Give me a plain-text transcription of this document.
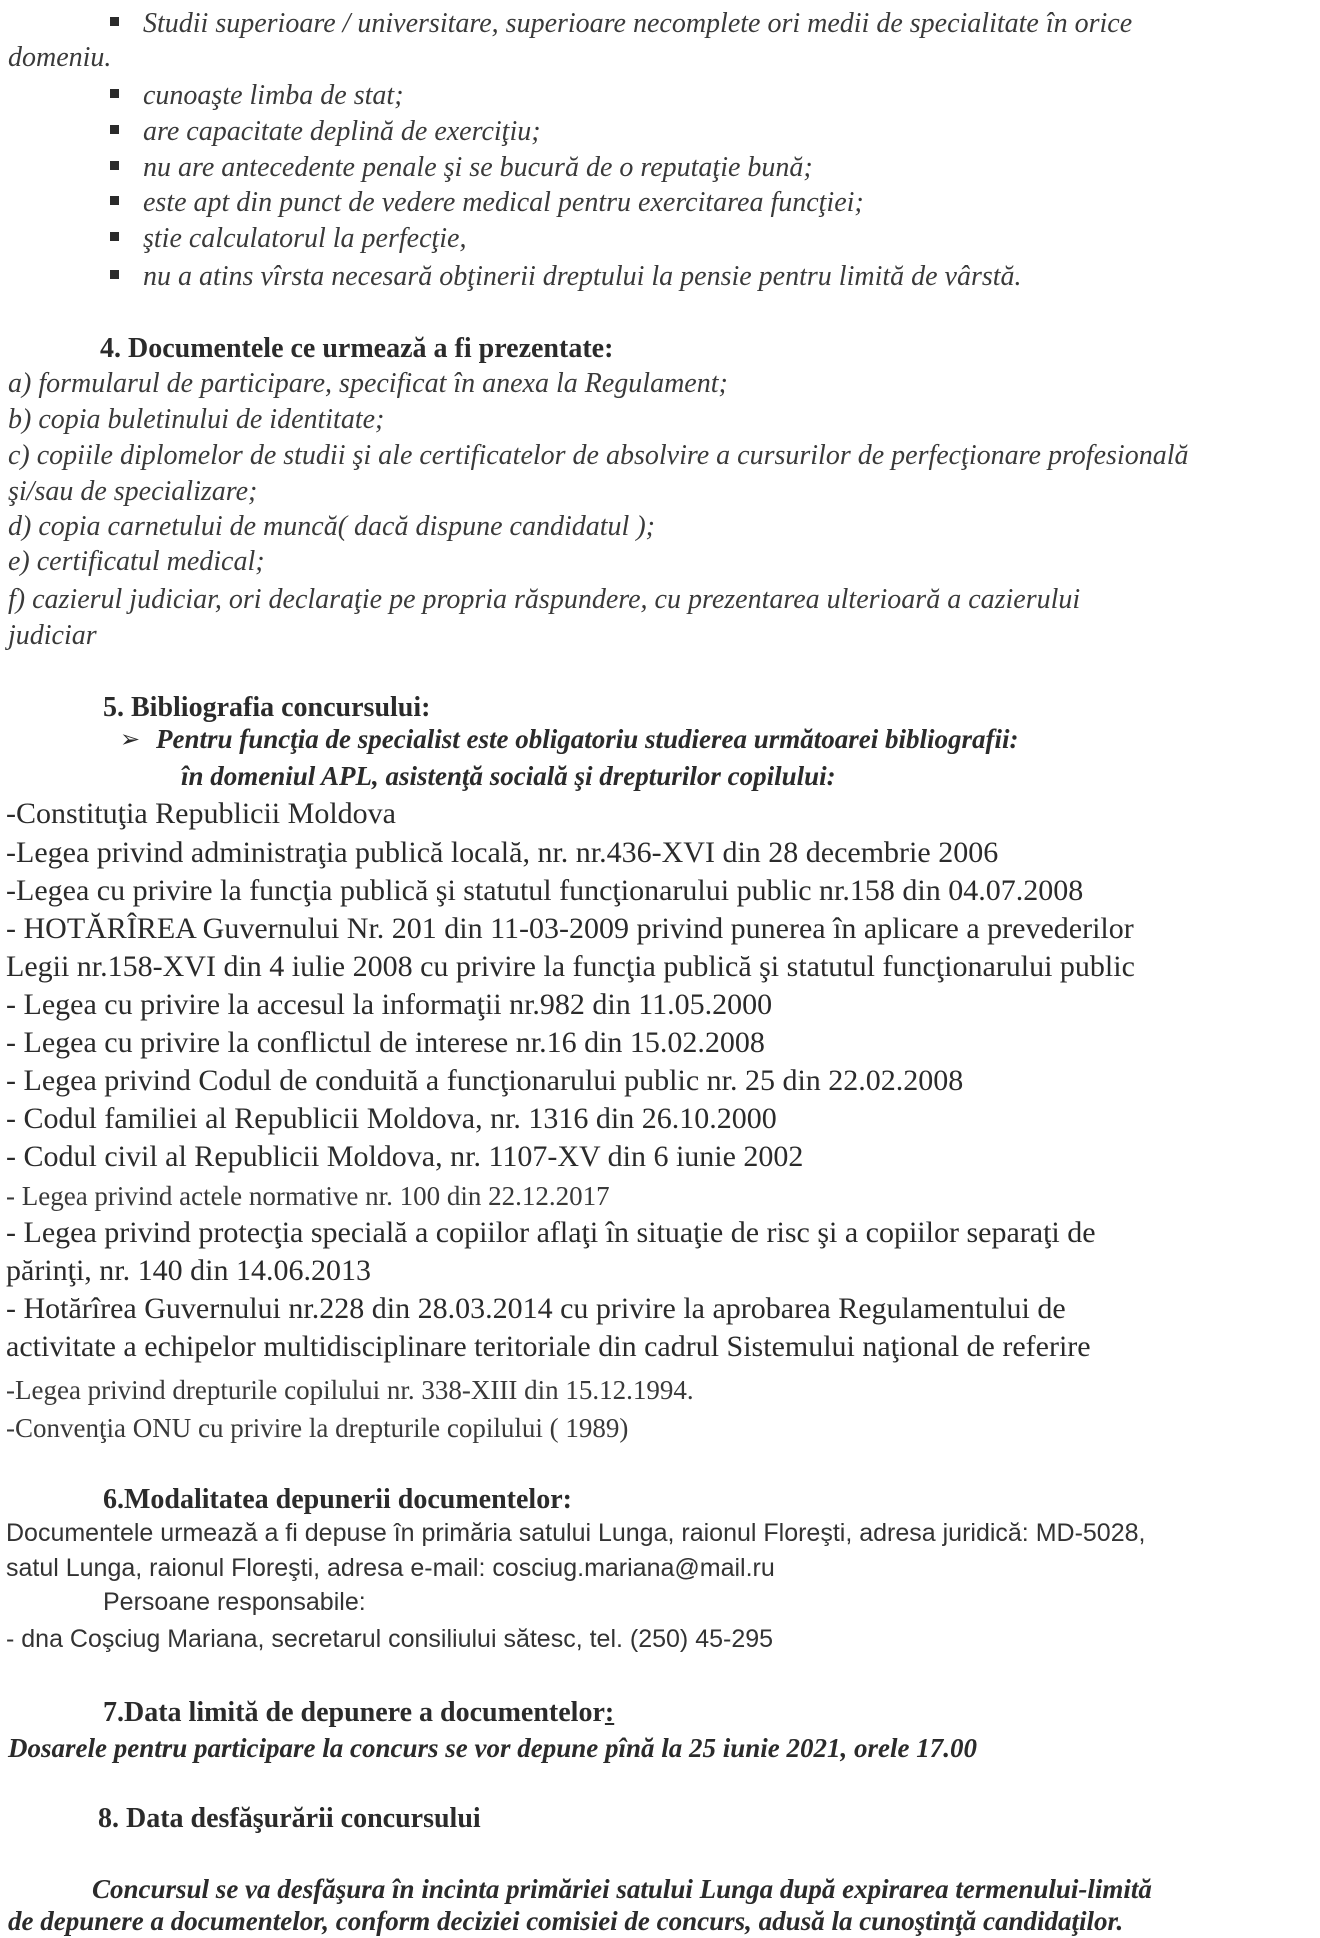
Studii superioare / universitare, superioare necomplete ori medii de specialitate în orice
domeniu.
cunoaşte limba de stat;
are capacitate deplină de exerciţiu;
nu are antecedente penale şi se bucură de o reputaţie bună;
este apt din punct de vedere medical pentru exercitarea funcţiei;
ştie calculatorul la perfecţie,
nu a atins vîrsta necesară obţinerii dreptului la pensie pentru limită de vârstă.
4. Documentele ce urmează a fi prezentate:
a) formularul de participare, specificat în anexa la Regulament;
b) copia buletinului de identitate;
c) copiile diplomelor de studii şi ale certificatelor de absolvire a cursurilor de perfecţionare profesională
şi/sau de specializare;
d) copia carnetului de muncă( dacă dispune candidatul );
e) certificatul medical;
f) cazierul judiciar, ori declaraţie pe propria răspundere, cu prezentarea ulterioară a cazierului
judiciar
5. Bibliografia concursului:
➢ Pentru funcţia de specialist este obligatoriu studierea următoarei bibliografii:
în domeniul APL, asistenţă socială şi drepturilor copilului:
-Constituţia Republicii Moldova
-Legea privind administraţia publică locală, nr. nr.436-XVI din 28 decembrie 2006
-Legea cu privire la funcţia publică şi statutul funcţionarului public nr.158 din 04.07.2008
- HOTĂRÎREA Guvernului Nr. 201 din 11-03-2009 privind punerea în aplicare a prevederilor
Legii nr.158-XVI din 4 iulie 2008 cu privire la funcţia publică şi statutul funcţionarului public
- Legea cu privire la accesul la informaţii nr.982 din 11.05.2000
- Legea cu privire la conflictul de interese nr.16 din 15.02.2008
- Legea privind Codul de conduită a funcţionarului public nr. 25 din 22.02.2008
- Codul familiei al Republicii Moldova, nr. 1316 din 26.10.2000
- Codul civil al Republicii Moldova, nr. 1107-XV din 6 iunie 2002
- Legea privind actele normative nr. 100 din 22.12.2017
- Legea privind protecţia specială a copiilor aflaţi în situaţie de risc şi a copiilor separaţi de
părinţi, nr. 140 din 14.06.2013
- Hotărîrea Guvernului nr.228 din 28.03.2014 cu privire la aprobarea Regulamentului de
activitate a echipelor multidisciplinare teritoriale din cadrul Sistemului naţional de referire
-Legea privind drepturile copilului nr. 338-XIII din 15.12.1994.
-Convenţia ONU cu privire la drepturile copilului ( 1989)
6.Modalitatea depunerii documentelor:
Documentele urmează a fi depuse în primăria satului Lunga, raionul Floreşti, adresa juridică: MD-5028,
satul Lunga, raionul Floreşti, adresa e-mail: cosciug.mariana@mail.ru
Persoane responsabile:
- dna Coşciug Mariana, secretarul consiliului sătesc, tel. (250) 45-295
7.Data limită de depunere a documentelor:
Dosarele pentru participare la concurs se vor depune pînă la 25 iunie 2021, orele 17.00
8. Data desfăşurării concursului
Concursul se va desfăşura în incinta primăriei satului Lunga după expirarea termenului-limită
de depunere a documentelor, conform deciziei comisiei de concurs, adusă la cunoştinţă candidaţilor.
